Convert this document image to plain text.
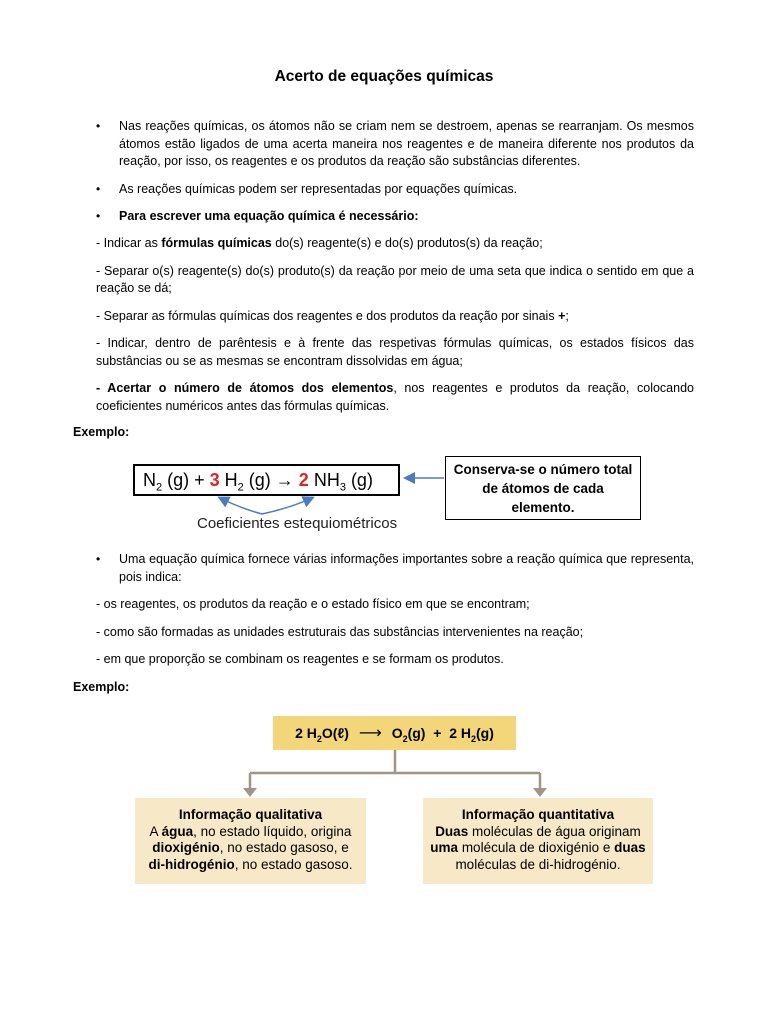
Acerto de equações químicas
• Nas reações químicas, os átomos não se criam nem se destroem, apenas se rearranjam. Os mesmos átomos estão ligados de uma acerta maneira nos reagentes e de maneira diferente nos produtos da reação, por isso, os reagentes e os produtos da reação são substâncias diferentes.
• As reações químicas podem ser representadas por equações químicas.
• Para escrever uma equação química é necessário:
- Indicar as fórmulas químicas do(s) reagente(s) e do(s) produtos(s) da reação;
- Separar o(s) reagente(s) do(s) produto(s) da reação por meio de uma seta que indica o sentido em que a reação se dá;
- Separar as fórmulas químicas dos reagentes e dos produtos da reação por sinais +;
- Indicar, dentro de parêntesis e à frente das respetivas fórmulas químicas, os estados físicos das substâncias ou se as mesmas se encontram dissolvidas em água;
- Acertar o número de átomos dos elementos, nos reagentes e produtos da reação, colocando coeficientes numéricos antes das fórmulas químicas.
Exemplo:
$N_2$ (g) + 3 $H_2$ (g) → 2 $NH_3$ (g)
Coeficientes estequiométricos
Conserva-se o número total
de átomos de cada
elemento.
• Uma equação química fornece várias informações importantes sobre a reação química que representa, pois indica:
- os reagentes, os produtos da reação e o estado físico em que se encontram;
- como são formadas as unidades estruturais das substâncias intervenientes na reação;
- em que proporção se combinam os reagentes e se formam os produtos.
Exemplo:
2 $H_2O(\ell)$ ⟶ $O_2(g) + 2$ $H_2(g)$
Informação qualitativa
A água, no estado líquido, origina
dioxigénio, no estado gasoso, e
di-hidrogénio, no estado gasoso.
Informação quantitativa
Duas moléculas de água originam
uma molécula de dioxigénio e duas
moléculas de di-hidrogénio.
